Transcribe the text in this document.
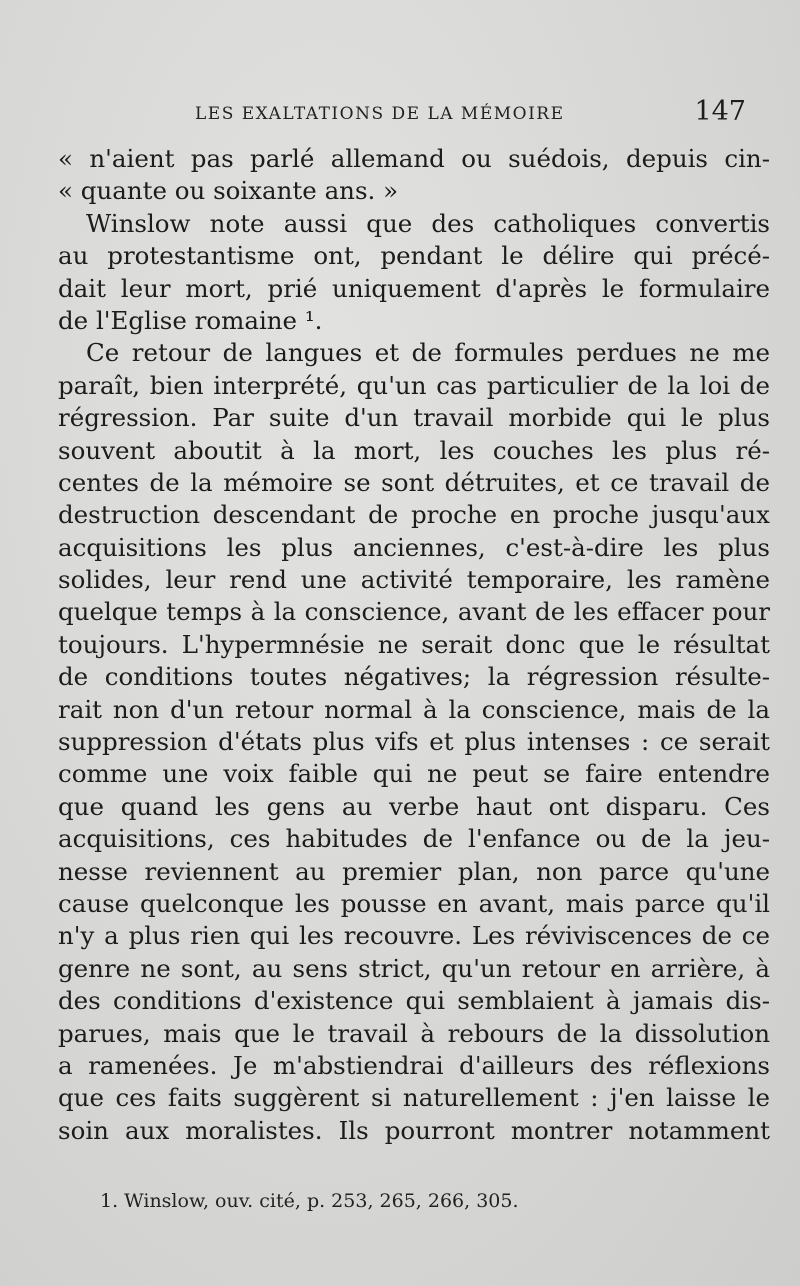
LES EXALTATIONS DE LA MÉMOIRE	147
« n'aient pas parlé allemand ou suédois, depuis cin-
« quante ou soixante ans. »
Winslow note aussi que des catholiques convertis
au protestantisme ont, pendant le délire qui précé-
dait leur mort, prié uniquement d'après le formulaire
de l'Eglise romaine ¹.
Ce retour de langues et de formules perdues ne me
paraît, bien interprété, qu'un cas particulier de la loi de
régression. Par suite d'un travail morbide qui le plus
souvent aboutit à la mort, les couches les plus ré-
centes de la mémoire se sont détruites, et ce travail de
destruction descendant de proche en proche jusqu'aux
acquisitions les plus anciennes, c'est-à-dire les plus
solides, leur rend une activité temporaire, les ramène
quelque temps à la conscience, avant de les effacer pour
toujours. L'hypermnésie ne serait donc que le résultat
de conditions toutes négatives; la régression résulte-
rait non d'un retour normal à la conscience, mais de la
suppression d'états plus vifs et plus intenses : ce serait
comme une voix faible qui ne peut se faire entendre
que quand les gens au verbe haut ont disparu. Ces
acquisitions, ces habitudes de l'enfance ou de la jeu-
nesse reviennent au premier plan, non parce qu'une
cause quelconque les pousse en avant, mais parce qu'il
n'y a plus rien qui les recouvre. Les réviviscences de ce
genre ne sont, au sens strict, qu'un retour en arrière, à
des conditions d'existence qui semblaient à jamais dis-
parues, mais que le travail à rebours de la dissolution
a ramenées. Je m'abstiendrai d'ailleurs des réflexions
que ces faits suggèrent si naturellement : j'en laisse le
soin aux moralistes. Ils pourront montrer notamment
1. Winslow, ouv. cité, p. 253, 265, 266, 305.
